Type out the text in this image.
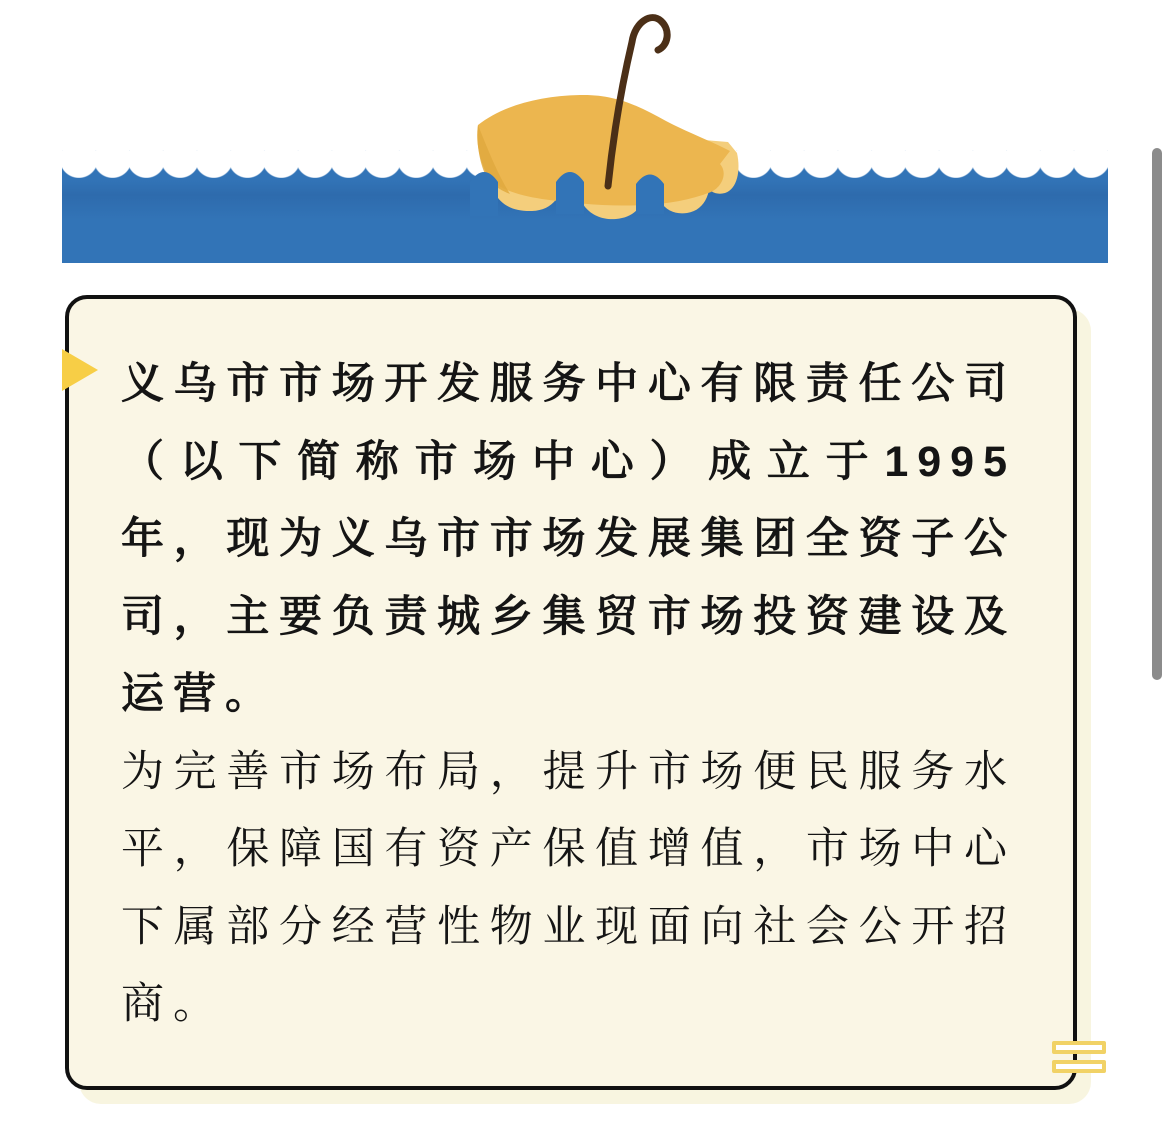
义乌市市场开发服务中心有限责任公司（以下简称市场中心）成立于1995年，现为义乌市市场发展集团全资子公司，主要负责城乡集贸市场投资建设及运营。

为完善市场布局，提升市场便民服务水平，保障国有资产保值增值，市场中心下属部分经营性物业现面向社会公开招商。
